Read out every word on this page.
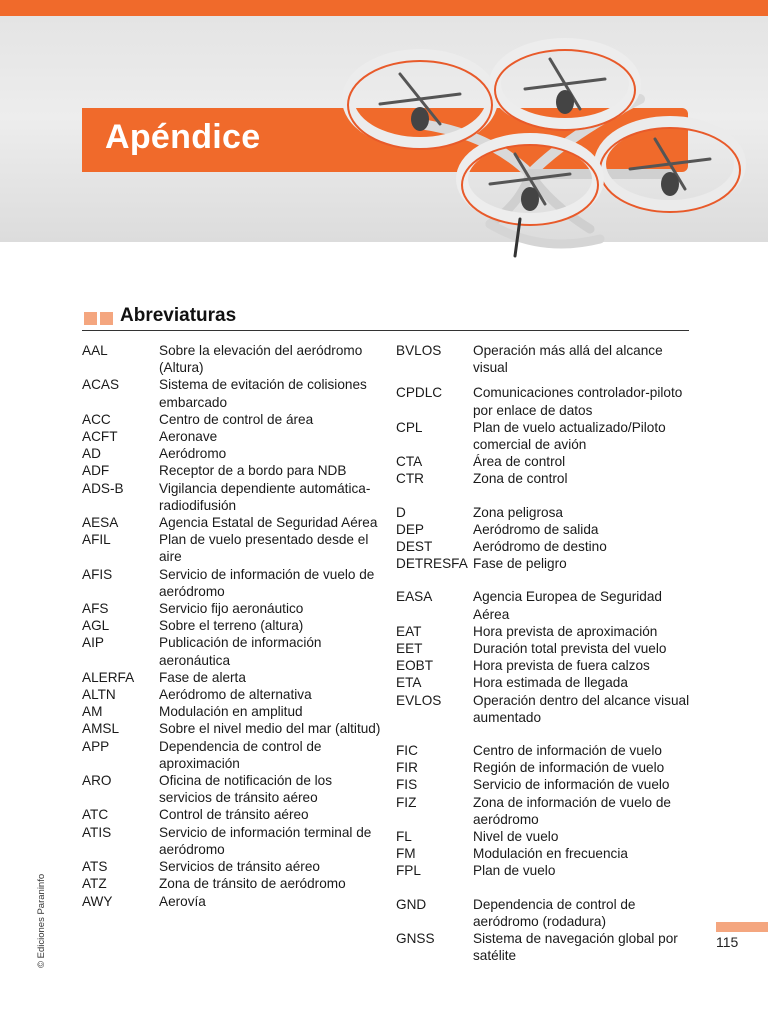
Apéndice
Abreviaturas
AAL	Sobre la elevación del aeródromo (Altura)
ACAS	Sistema de evitación de colisiones embarcado
ACC	Centro de control de área
ACFT	Aeronave
AD	Aeródromo
ADF	Receptor de a bordo para NDB
ADS-B	Vigilancia dependiente automática-radiodifusión
AESA	Agencia Estatal de Seguridad Aérea
AFIL	Plan de vuelo presentado desde el aire
AFIS	Servicio de información de vuelo de aeródromo
AFS	Servicio fijo aeronáutico
AGL	Sobre el terreno (altura)
AIP	Publicación de información aeronáutica
ALERFA	Fase de alerta
ALTN	Aeródromo de alternativa
AM	Modulación en amplitud
AMSL	Sobre el nivel medio del mar (altitud)
APP	Dependencia de control de aproximación
ARO	Oficina de notificación de los servicios de tránsito aéreo
ATC	Control de tránsito aéreo
ATIS	Servicio de información terminal de aeródromo
ATS	Servicios de tránsito aéreo
ATZ	Zona de tránsito de aeródromo
AWY	Aerovía
BVLOS	Operación más allá del alcance visual
CPDLC	Comunicaciones controlador-piloto por enlace de datos
CPL	Plan de vuelo actualizado/Piloto comercial de avión
CTA	Área de control
CTR	Zona de control
D	Zona peligrosa
DEP	Aeródromo de salida
DEST	Aeródromo de destino
DETRESFA Fase de peligro
EASA	Agencia Europea de Seguridad Aérea
EAT	Hora prevista de aproximación
EET	Duración total prevista del vuelo
EOBT	Hora prevista de fuera calzos
ETA	Hora estimada de llegada
EVLOS	Operación dentro del alcance visual aumentado
FIC	Centro de información de vuelo
FIR	Región de información de vuelo
FIS	Servicio de información de vuelo
FIZ	Zona de información de vuelo de aeródromo
FL	Nivel de vuelo
FM	Modulación en frecuencia
FPL	Plan de vuelo
GND	Dependencia de control de aeródromo (rodadura)
GNSS	Sistema de navegación global por satélite
© Ediciones Paraninfo	115
